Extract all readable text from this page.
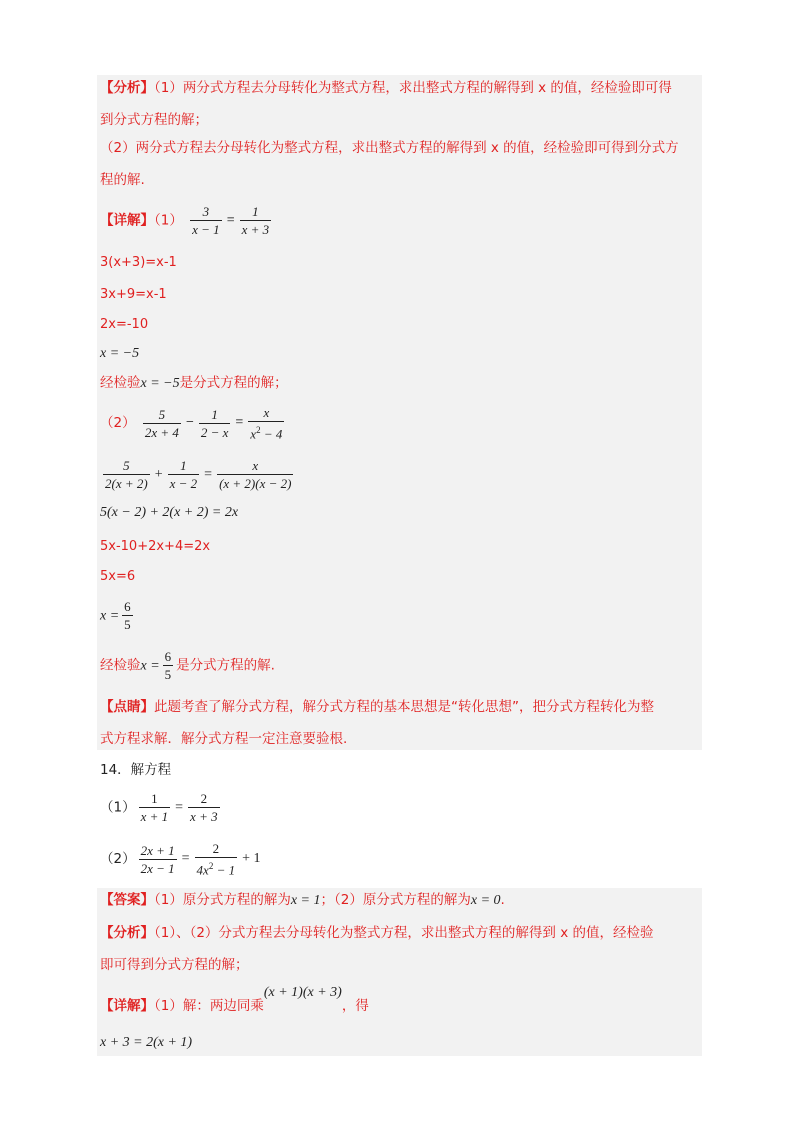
【分析】（1）两分式方程去分母转化为整式方程，求出整式方程的解得到 x 的值，经检验即可得
到分式方程的解；
（2）两分式方程去分母转化为整式方程，求出整式方程的解得到 x 的值，经检验即可得到分式方
程的解.
【详解】$(1) \frac{3}{x - 1} = \frac{1}{x + 3}$
3(x+3)=x-1
3x+9=x-1
2x=-10
x = −5
经检验x = −5是分式方程的解；
$(2) \frac{5}{2x + 4} - \frac{1}{2 - x} = \frac{x}{x^2 - 4}$
$\frac{5}{2(x + 2)} + \frac{1}{x - 2} = \frac{x}{(x + 2)(x - 2)}$
5(x − 2) + 2(x + 2) = 2x
5x-10+2x+4=2x
5x=6
$x = \frac{6}{5}$
经检验$x = \frac{6}{5}$ 是分式方程的解.
【点睛】此题考查了解分式方程，解分式方程的基本思想是“转化思想”，把分式方程转化为整
式方程求解．解分式方程一定注意要验根.
14．解方程
$(1) \frac{1}{x + 1} = \frac{2}{x + 3}$
$(2) \frac{2x + 1}{2x - 1} = \frac{2}{4x^2 - 1} + 1$
【答案】（1）原分式方程的解为x = 1；（2）原分式方程的解为x = 0.
【分析】（1）、（2）分式方程去分母转化为整式方程，求出整式方程的解得到 x 的值，经检验
即可得到分式方程的解；
【详解】（1）解：两边同乘(x + 1)(x + 3)，得
x + 3 = 2(x + 1)
